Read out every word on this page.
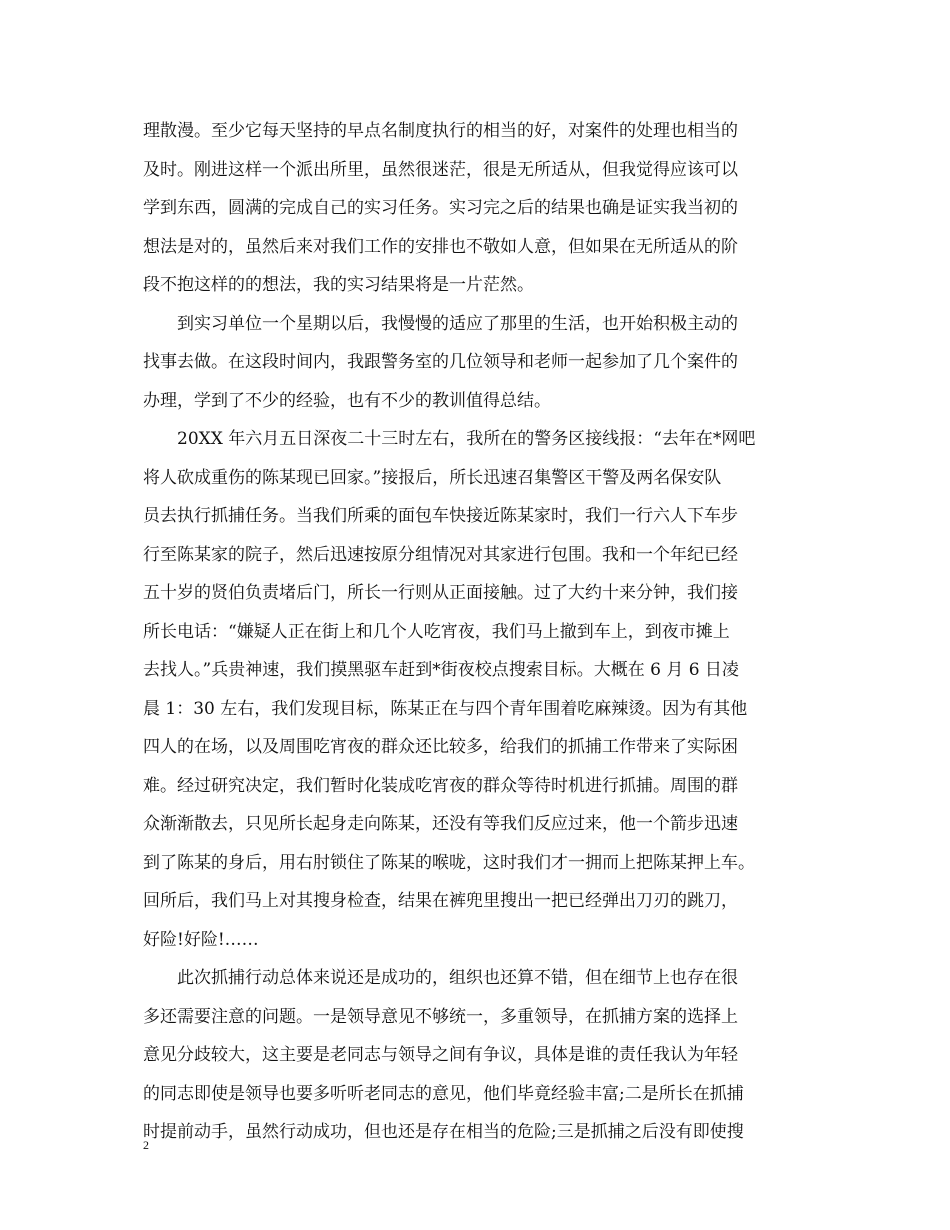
理散漫。至少它每天坚持的早点名制度执行的相当的好，对案件的处理也相当的
及时。刚进这样一个派出所里，虽然很迷茫，很是无所适从，但我觉得应该可以
学到东西，圆满的完成自己的实习任务。实习完之后的结果也确是证实我当初的
想法是对的，虽然后来对我们工作的安排也不敬如人意，但如果在无所适从的阶
段不抱这样的的想法，我的实习结果将是一片茫然。
　　到实习单位一个星期以后，我慢慢的适应了那里的生活，也开始积极主动的
找事去做。在这段时间内，我跟警务室的几位领导和老师一起参加了几个案件的
办理，学到了不少的经验，也有不少的教训值得总结。
　　20XX 年六月五日深夜二十三时左右，我所在的警务区接线报：“去年在*网吧
将人砍成重伤的陈某现已回家。”接报后，所长迅速召集警区干警及两名保安队
员去执行抓捕任务。当我们所乘的面包车快接近陈某家时，我们一行六人下车步
行至陈某家的院子，然后迅速按原分组情况对其家进行包围。我和一个年纪已经
五十岁的贤伯负责堵后门，所长一行则从正面接触。过了大约十来分钟，我们接
所长电话：“嫌疑人正在街上和几个人吃宵夜，我们马上撤到车上，到夜市摊上
去找人。”兵贵神速，我们摸黑驱车赶到*街夜校点搜索目标。大概在 6 月 6 日凌
晨 1：30 左右，我们发现目标，陈某正在与四个青年围着吃麻辣烫。因为有其他
四人的在场，以及周围吃宵夜的群众还比较多，给我们的抓捕工作带来了实际困
难。经过研究决定，我们暂时化装成吃宵夜的群众等待时机进行抓捕。周围的群
众渐渐散去，只见所长起身走向陈某，还没有等我们反应过来，他一个箭步迅速
到了陈某的身后，用右肘锁住了陈某的喉咙，这时我们才一拥而上把陈某押上车。
回所后，我们马上对其搜身检查，结果在裤兜里搜出一把已经弹出刀刃的跳刀，
好险!好险!……
　　此次抓捕行动总体来说还是成功的，组织也还算不错，但在细节上也存在很
多还需要注意的问题。一是领导意见不够统一，多重领导，在抓捕方案的选择上
意见分歧较大，这主要是老同志与领导之间有争议，具体是谁的责任我认为年轻
的同志即使是领导也要多听听老同志的意见，他们毕竟经验丰富;二是所长在抓捕
时提前动手，虽然行动成功，但也还是存在相当的危险;三是抓捕之后没有即使搜
2
